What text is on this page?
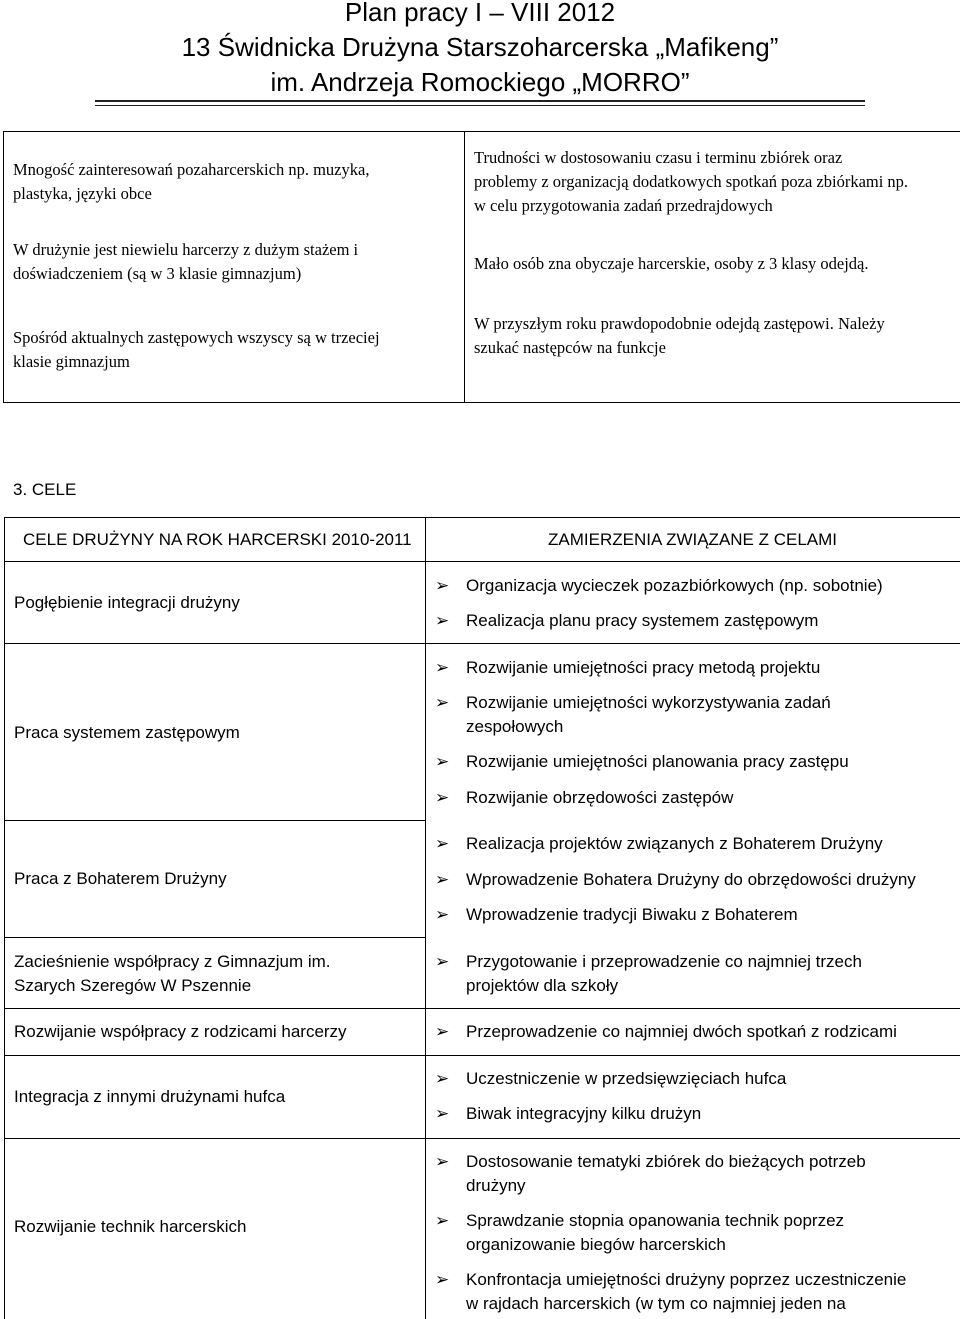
Plan pracy I – VIII 2012
13 Świdnicka Drużyna Starszoharcerska „Mafikeng”
im. Andrzeja Romockiego „MORRO”
Mnogość zainteresowań pozaharcerskich np. muzyka,
plastyka, języki obce
W drużynie jest niewielu harcerzy z dużym stażem i
doświadczeniem (są w 3 klasie gimnazjum)
Spośród aktualnych zastępowych wszyscy są w trzeciej
klasie gimnazjum
Trudności w dostosowaniu czasu i terminu zbiórek oraz
problemy z organizacją dodatkowych spotkań poza zbiórkami np.
w celu przygotowania zadań przedrajdowych
Mało osób zna obyczaje harcerskie, osoby z 3 klasy odejdą.
W przyszłym roku prawdopodobnie odejdą zastępowi. Należy
szukać następców na funkcje
3. CELE
CELE DRUŻYNY NA ROK HARCERSKI 2010-2011	ZAMIERZENIA ZWIĄZANE Z CELAMI
Pogłębienie integracji drużyny
➢ Organizacja wycieczek pozazbiórkowych (np. sobotnie)
➢ Realizacja planu pracy systemem zastępowym
Praca systemem zastępowym
➢ Rozwijanie umiejętności pracy metodą projektu
➢ Rozwijanie umiejętności wykorzystywania zadań
zespołowych
➢ Rozwijanie umiejętności planowania pracy zastępu
➢ Rozwijanie obrzędowości zastępów
Praca z Bohaterem Drużyny
➢ Realizacja projektów związanych z Bohaterem Drużyny
➢ Wprowadzenie Bohatera Drużyny do obrzędowości drużyny
➢ Wprowadzenie tradycji Biwaku z Bohaterem
Zacieśnienie współpracy z Gimnazjum im.
Szarych Szeregów W Pszennie
➢ Przygotowanie i przeprowadzenie co najmniej trzech
projektów dla szkoły
Rozwijanie współpracy z rodzicami harcerzy	➢ Przeprowadzenie co najmniej dwóch spotkań z rodzicami
Integracja z innymi drużynami hufca
➢ Uczestniczenie w przedsięwzięciach hufca
➢ Biwak integracyjny kilku drużyn
Rozwijanie technik harcerskich
➢ Dostosowanie tematyki zbiórek do bieżących potrzeb
drużyny
➢ Sprawdzanie stopnia opanowania technik poprzez
organizowanie biegów harcerskich
➢ Konfrontacja umiejętności drużyny poprzez uczestniczenie
w rajdach harcerskich (w tym co najmniej jeden na
